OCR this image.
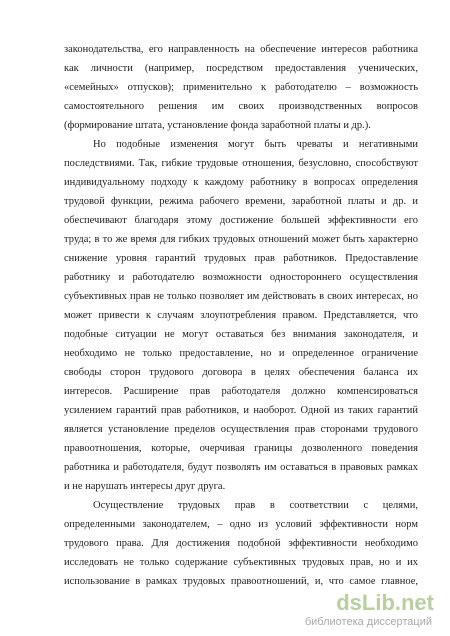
законодательства, его направленность на обеспечение интересов работника
как личности (например, посредством предоставления ученических,
«семейных» отпусков); применительно к работодателю – возможность
самостоятельного решения им своих производственных вопросов
(формирование штата, установление фонда заработной платы и др.).
Но подобные изменения могут быть чреваты и негативными
последствиями. Так, гибкие трудовые отношения, безусловно, способствуют
индивидуальному подходу к каждому работнику в вопросах определения
трудовой функции, режима рабочего времени, заработной платы и др. и
обеспечивают благодаря этому достижение большей эффективности его
труда; в то же время для гибких трудовых отношений может быть характерно
снижение уровня гарантий трудовых прав работников. Предоставление
работнику и работодателю возможности одностороннего осуществления
субъективных прав не только позволяет им действовать в своих интересах, но
может привести к случаям злоупотребления правом. Представляется, что
подобные ситуации не могут оставаться без внимания законодателя, и
необходимо не только предоставление, но и определенное ограничение
свободы сторон трудового договора в целях обеспечения баланса их
интересов. Расширение прав работодателя должно компенсироваться
усилением гарантий прав работников, и наоборот. Одной из таких гарантий
является установление пределов осуществления прав сторонами трудового
правоотношения, которые, очерчивая границы дозволенного поведения
работника и работодателя, будут позволять им оставаться в правовых рамках
и не нарушать интересы друг друга.
Осуществление трудовых прав в соответствии с целями,
определенными законодателем, – одно из условий эффективности норм
трудового права. Для достижения подобной эффективности необходимо
исследовать не только содержание субъективных трудовых прав, но и их
использование в рамках трудовых правоотношений, и, что самое главное,
dsLib.net
библиотека диссертаций
